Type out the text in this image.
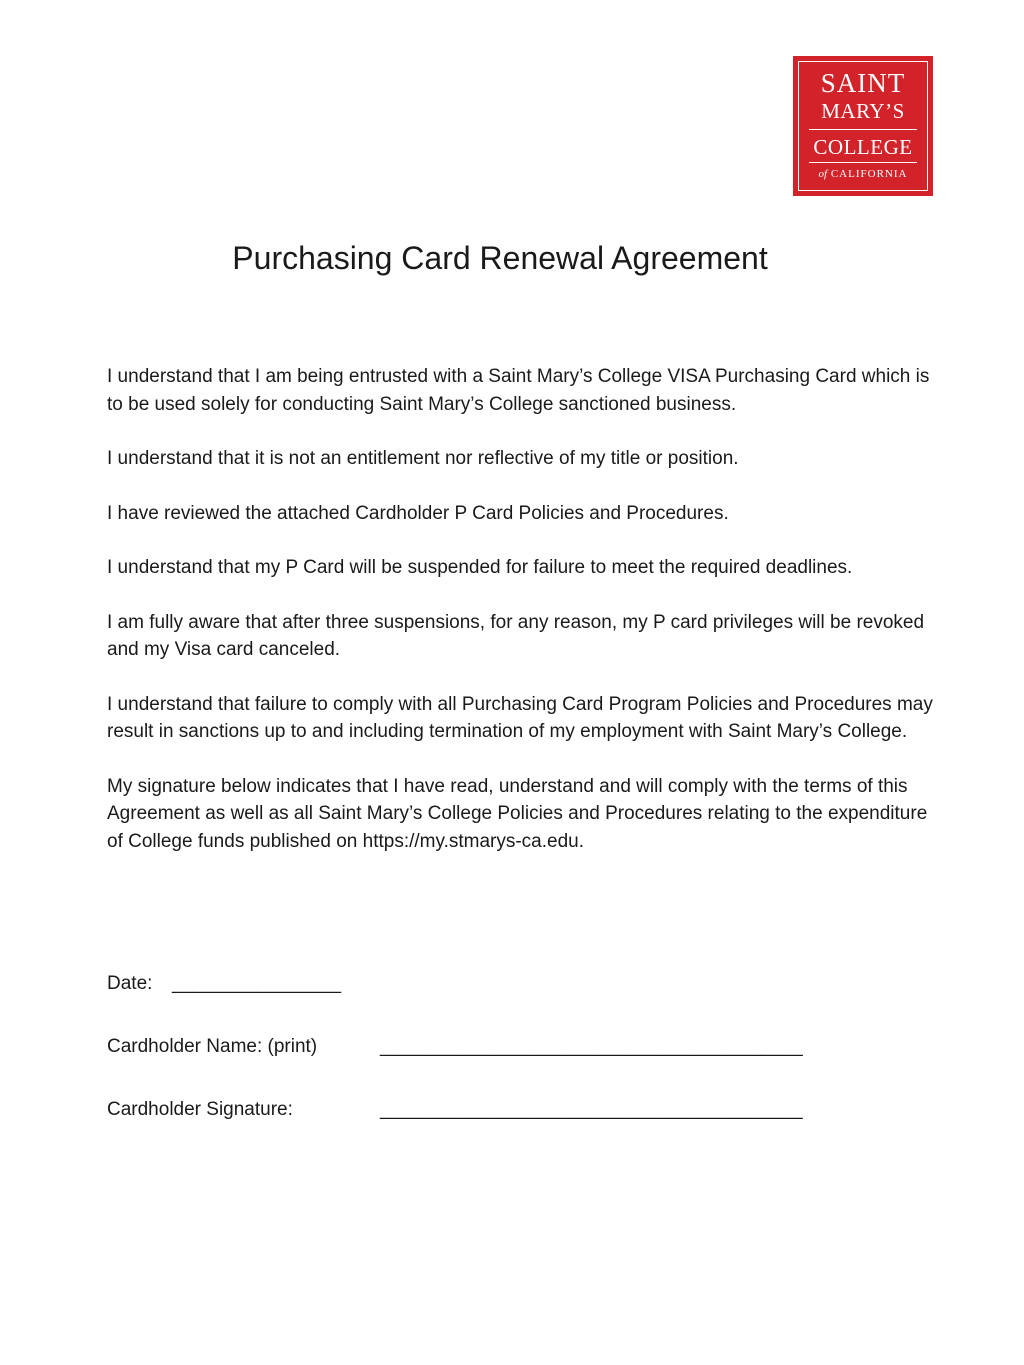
SAINT
MARY’S
COLLEGE
of CALIFORNIA
Purchasing Card Renewal Agreement

I understand that I am being entrusted with a Saint Mary’s College VISA Purchasing Card which is to be used solely for conducting Saint Mary’s College sanctioned business.

I understand that it is not an entitlement nor reflective of my title or position.

I have reviewed the attached Cardholder P Card Policies and Procedures.

I understand that my P Card will be suspended for failure to meet the required deadlines.

I am fully aware that after three suspensions, for any reason, my P card privileges will be revoked and my Visa card canceled.

I understand that failure to comply with all Purchasing Card Program Policies and Procedures may result in sanctions up to and including termination of my employment with Saint Mary’s College.

My signature below indicates that I have read, understand and will comply with the terms of this Agreement as well as all Saint Mary’s College Policies and Procedures relating to the expenditure of College funds published on https://my.stmarys-ca.edu.

Date: ________________
Cardholder Name: (print)	________________________________________
Cardholder Signature:	________________________________________
